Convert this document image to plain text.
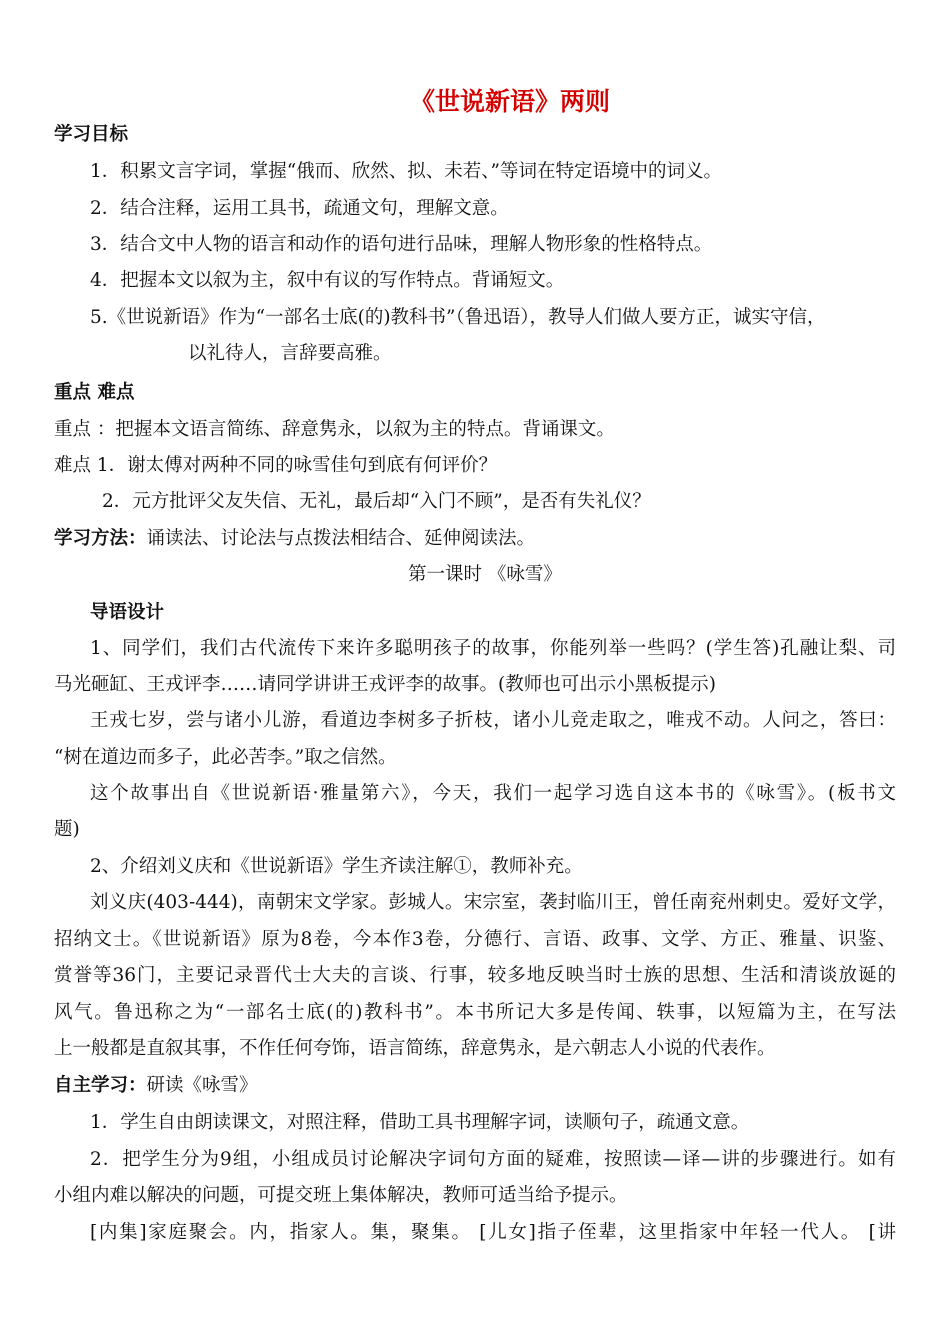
《世说新语》两则
学习目标
1．积累文言字词，掌握“俄而、欣然、拟、未若、”等词在特定语境中的词义。
2．结合注释，运用工具书，疏通文句，理解文意。
3．结合文中人物的语言和动作的语句进行品味，理解人物形象的性格特点。
4．把握本文以叙为主，叙中有议的写作特点。背诵短文。
5.《世说新语》作为“一部名士底(的)教科书”（鲁迅语），教导人们做人要方正，诚实守信，
以礼待人，言辞要高雅。
重点 难点
重点 ：把握本文语言简练、辞意隽永，以叙为主的特点。背诵课文。
难点 1．谢太傅对两种不同的咏雪佳句到底有何评价？
2．元方批评父友失信、无礼，最后却“入门不顾”，是否有失礼仪？
学习方法：诵读法、讨论法与点拨法相结合、延伸阅读法。
第一课时 《咏雪》
导语设计
1、同学们，我们古代流传下来许多聪明孩子的故事，你能列举一些吗？(学生答)孔融让梨、司
马光砸缸、王戎评李……请同学讲讲王戎评李的故事。(教师也可出示小黑板提示)
王戎七岁，尝与诸小儿游，看道边李树多子折枝，诸小儿竞走取之，唯戎不动。人问之，答曰：
“树在道边而多子，此必苦李。”取之信然。
这个故事出自《世说新语·雅量第六》，今天，我们一起学习选自这本书的《咏雪》。(板书文
题)
2、介绍刘义庆和《世说新语》学生齐读注解①，教师补充。
刘义庆(403-444)，南朝宋文学家。彭城人。宋宗室，袭封临川王，曾任南兖州刺史。爱好文学，
招纳文士。《世说新语》原为8卷，今本作3卷，分德行、言语、政事、文学、方正、雅量、识鉴、
赏誉等36门，主要记录晋代士大夫的言谈、行事，较多地反映当时士族的思想、生活和清谈放诞的
风气。鲁迅称之为“一部名士底(的)教科书”。本书所记大多是传闻、轶事，以短篇为主，在写法
上一般都是直叙其事，不作任何夸饰，语言简练，辞意隽永，是六朝志人小说的代表作。
自主学习：研读《咏雪》
1．学生自由朗读课文，对照注释，借助工具书理解字词，读顺句子，疏通文意。
2．把学生分为9组，小组成员讨论解决字词句方面的疑难，按照读—译—讲的步骤进行。如有
小组内难以解决的问题，可提交班上集体解决，教师可适当给予提示。
[内集]家庭聚会。内，指家人。集，聚集。 [儿女]指子侄辈，这里指家中年轻一代人。 [讲
